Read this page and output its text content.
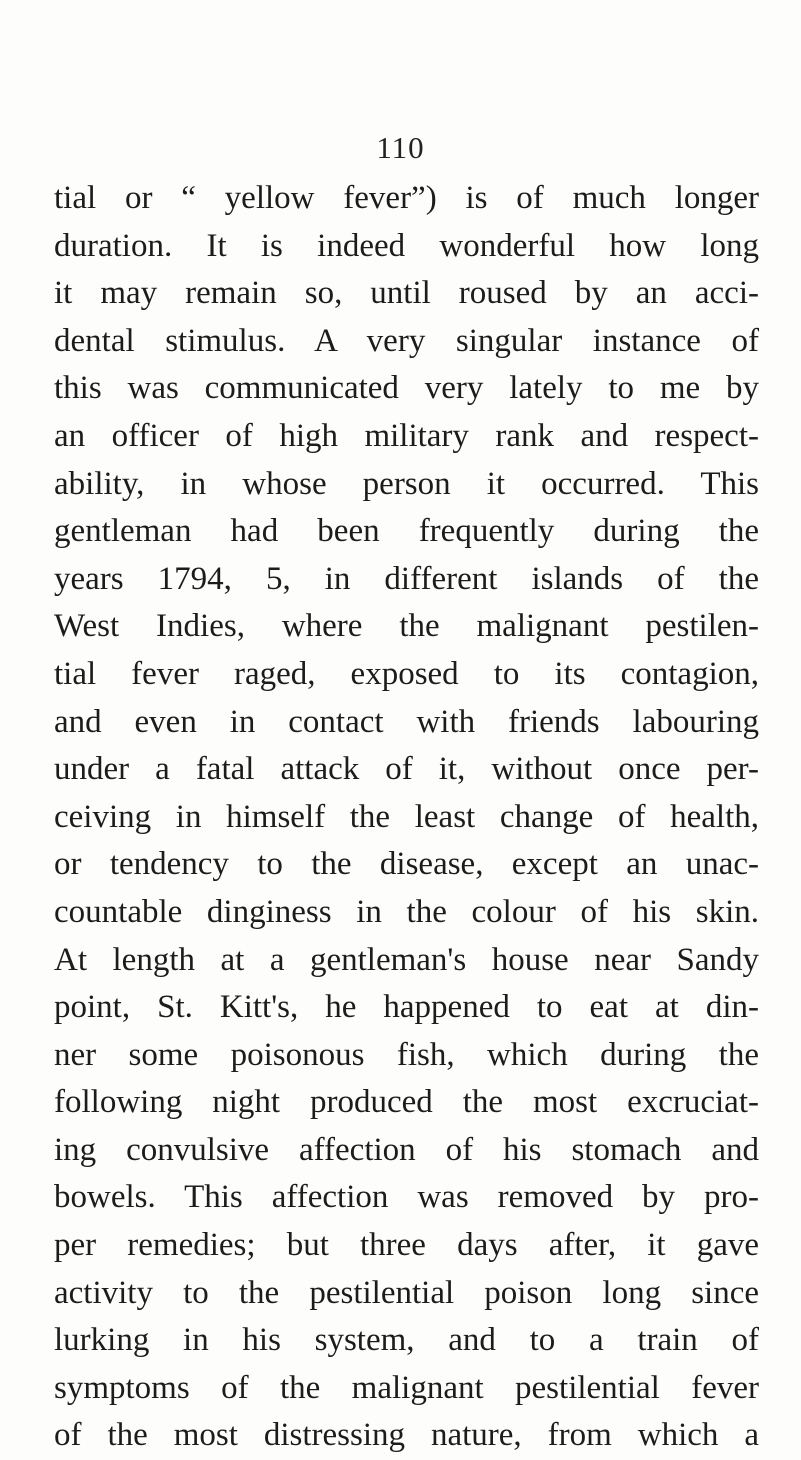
110
tial or “ yellow fever”) is of much longer
duration. It is indeed wonderful how long
it may remain so, until roused by an acci-
dental stimulus. A very singular instance of
this was communicated very lately to me by
an officer of high military rank and respect-
ability, in whose person it occurred. This
gentleman had been frequently during the
years 1794, 5, in different islands of the
West Indies, where the malignant pestilen-
tial fever raged, exposed to its contagion,
and even in contact with friends labouring
under a fatal attack of it, without once per-
ceiving in himself the least change of health,
or tendency to the disease, except an unac-
countable dinginess in the colour of his skin.
At length at a gentleman's house near Sandy
point, St. Kitt's, he happened to eat at din-
ner some poisonous fish, which during the
following night produced the most excruciat-
ing convulsive affection of his stomach and
bowels. This affection was removed by pro-
per remedies; but three days after, it gave
activity to the pestilential poison long since
lurking in his system, and to a train of
symptoms of the malignant pestilential fever
of the most distressing nature, from which a
